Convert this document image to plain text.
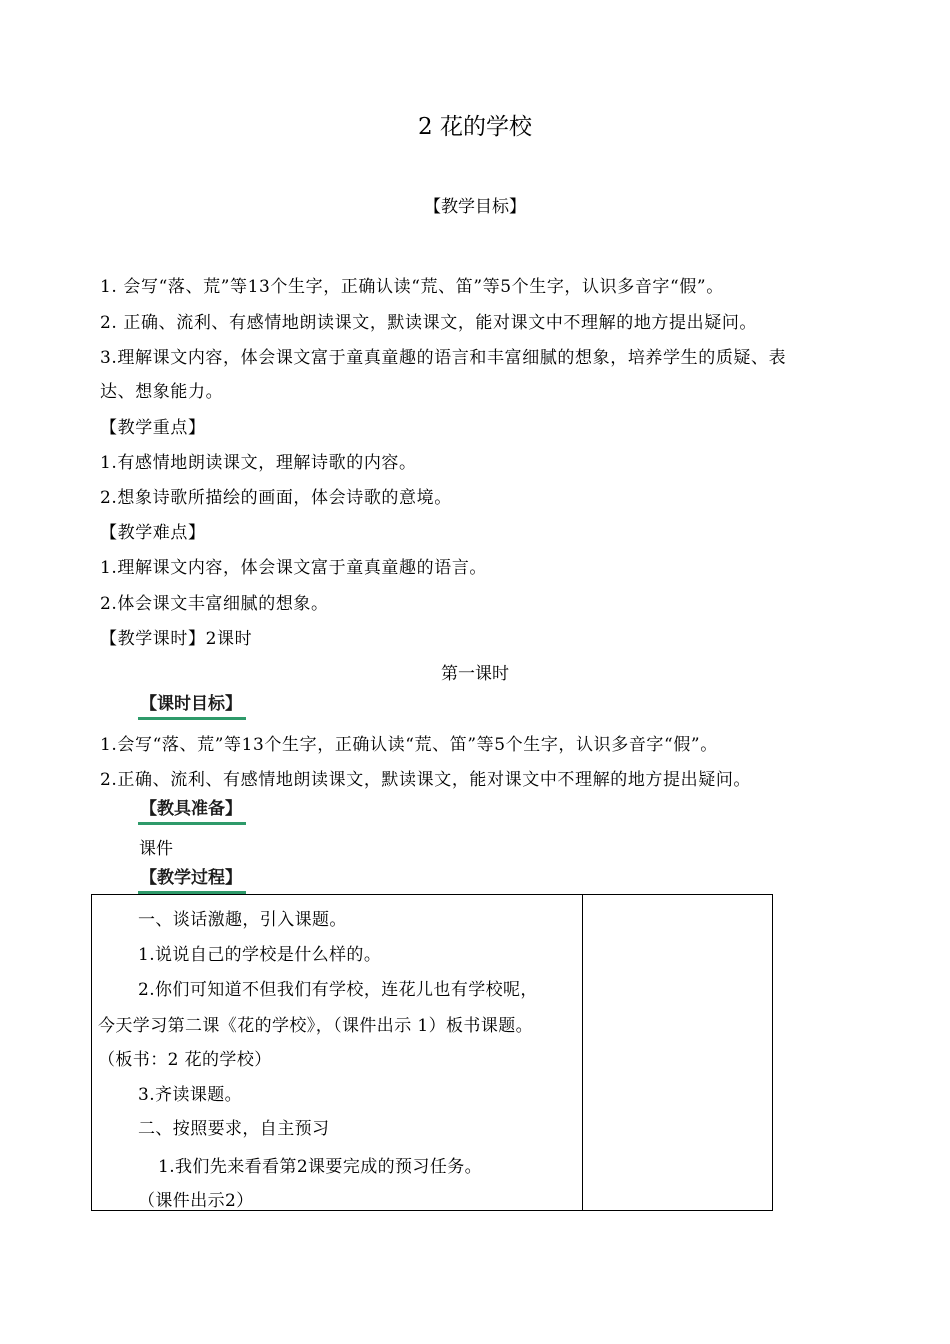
2 花的学校
【教学目标】
1. 会写“落、荒”等13个生字，正确认读“荒、笛”等5个生字，认识多音字“假”。
2. 正确、流利、有感情地朗读课文，默读课文，能对课文中不理解的地方提出疑问。
3.理解课文内容，体会课文富于童真童趣的语言和丰富细腻的想象，培养学生的质疑、表
达、想象能力。
【教学重点】
1.有感情地朗读课文，理解诗歌的内容。
2.想象诗歌所描绘的画面，体会诗歌的意境。
【教学难点】
1.理解课文内容，体会课文富于童真童趣的语言。
2.体会课文丰富细腻的想象。
【教学课时】2课时
第一课时
【课时目标】
1.会写“落、荒”等13个生字，正确认读“荒、笛”等5个生字，认识多音字“假”。
2.正确、流利、有感情地朗读课文，默读课文，能对课文中不理解的地方提出疑问。
【教具准备】
课件
【教学过程】

一、谈话激趣，引入课题。
1.说说自己的学校是什么样的。
2.你们可知道不但我们有学校，连花儿也有学校呢，
今天学习第二课《花的学校》，（课件出示 1）板书课题。
（板书：2 花的学校）
3.齐读课题。
二、按照要求，自主预习
1.我们先来看看第2课要完成的预习任务。
（课件出示2）
